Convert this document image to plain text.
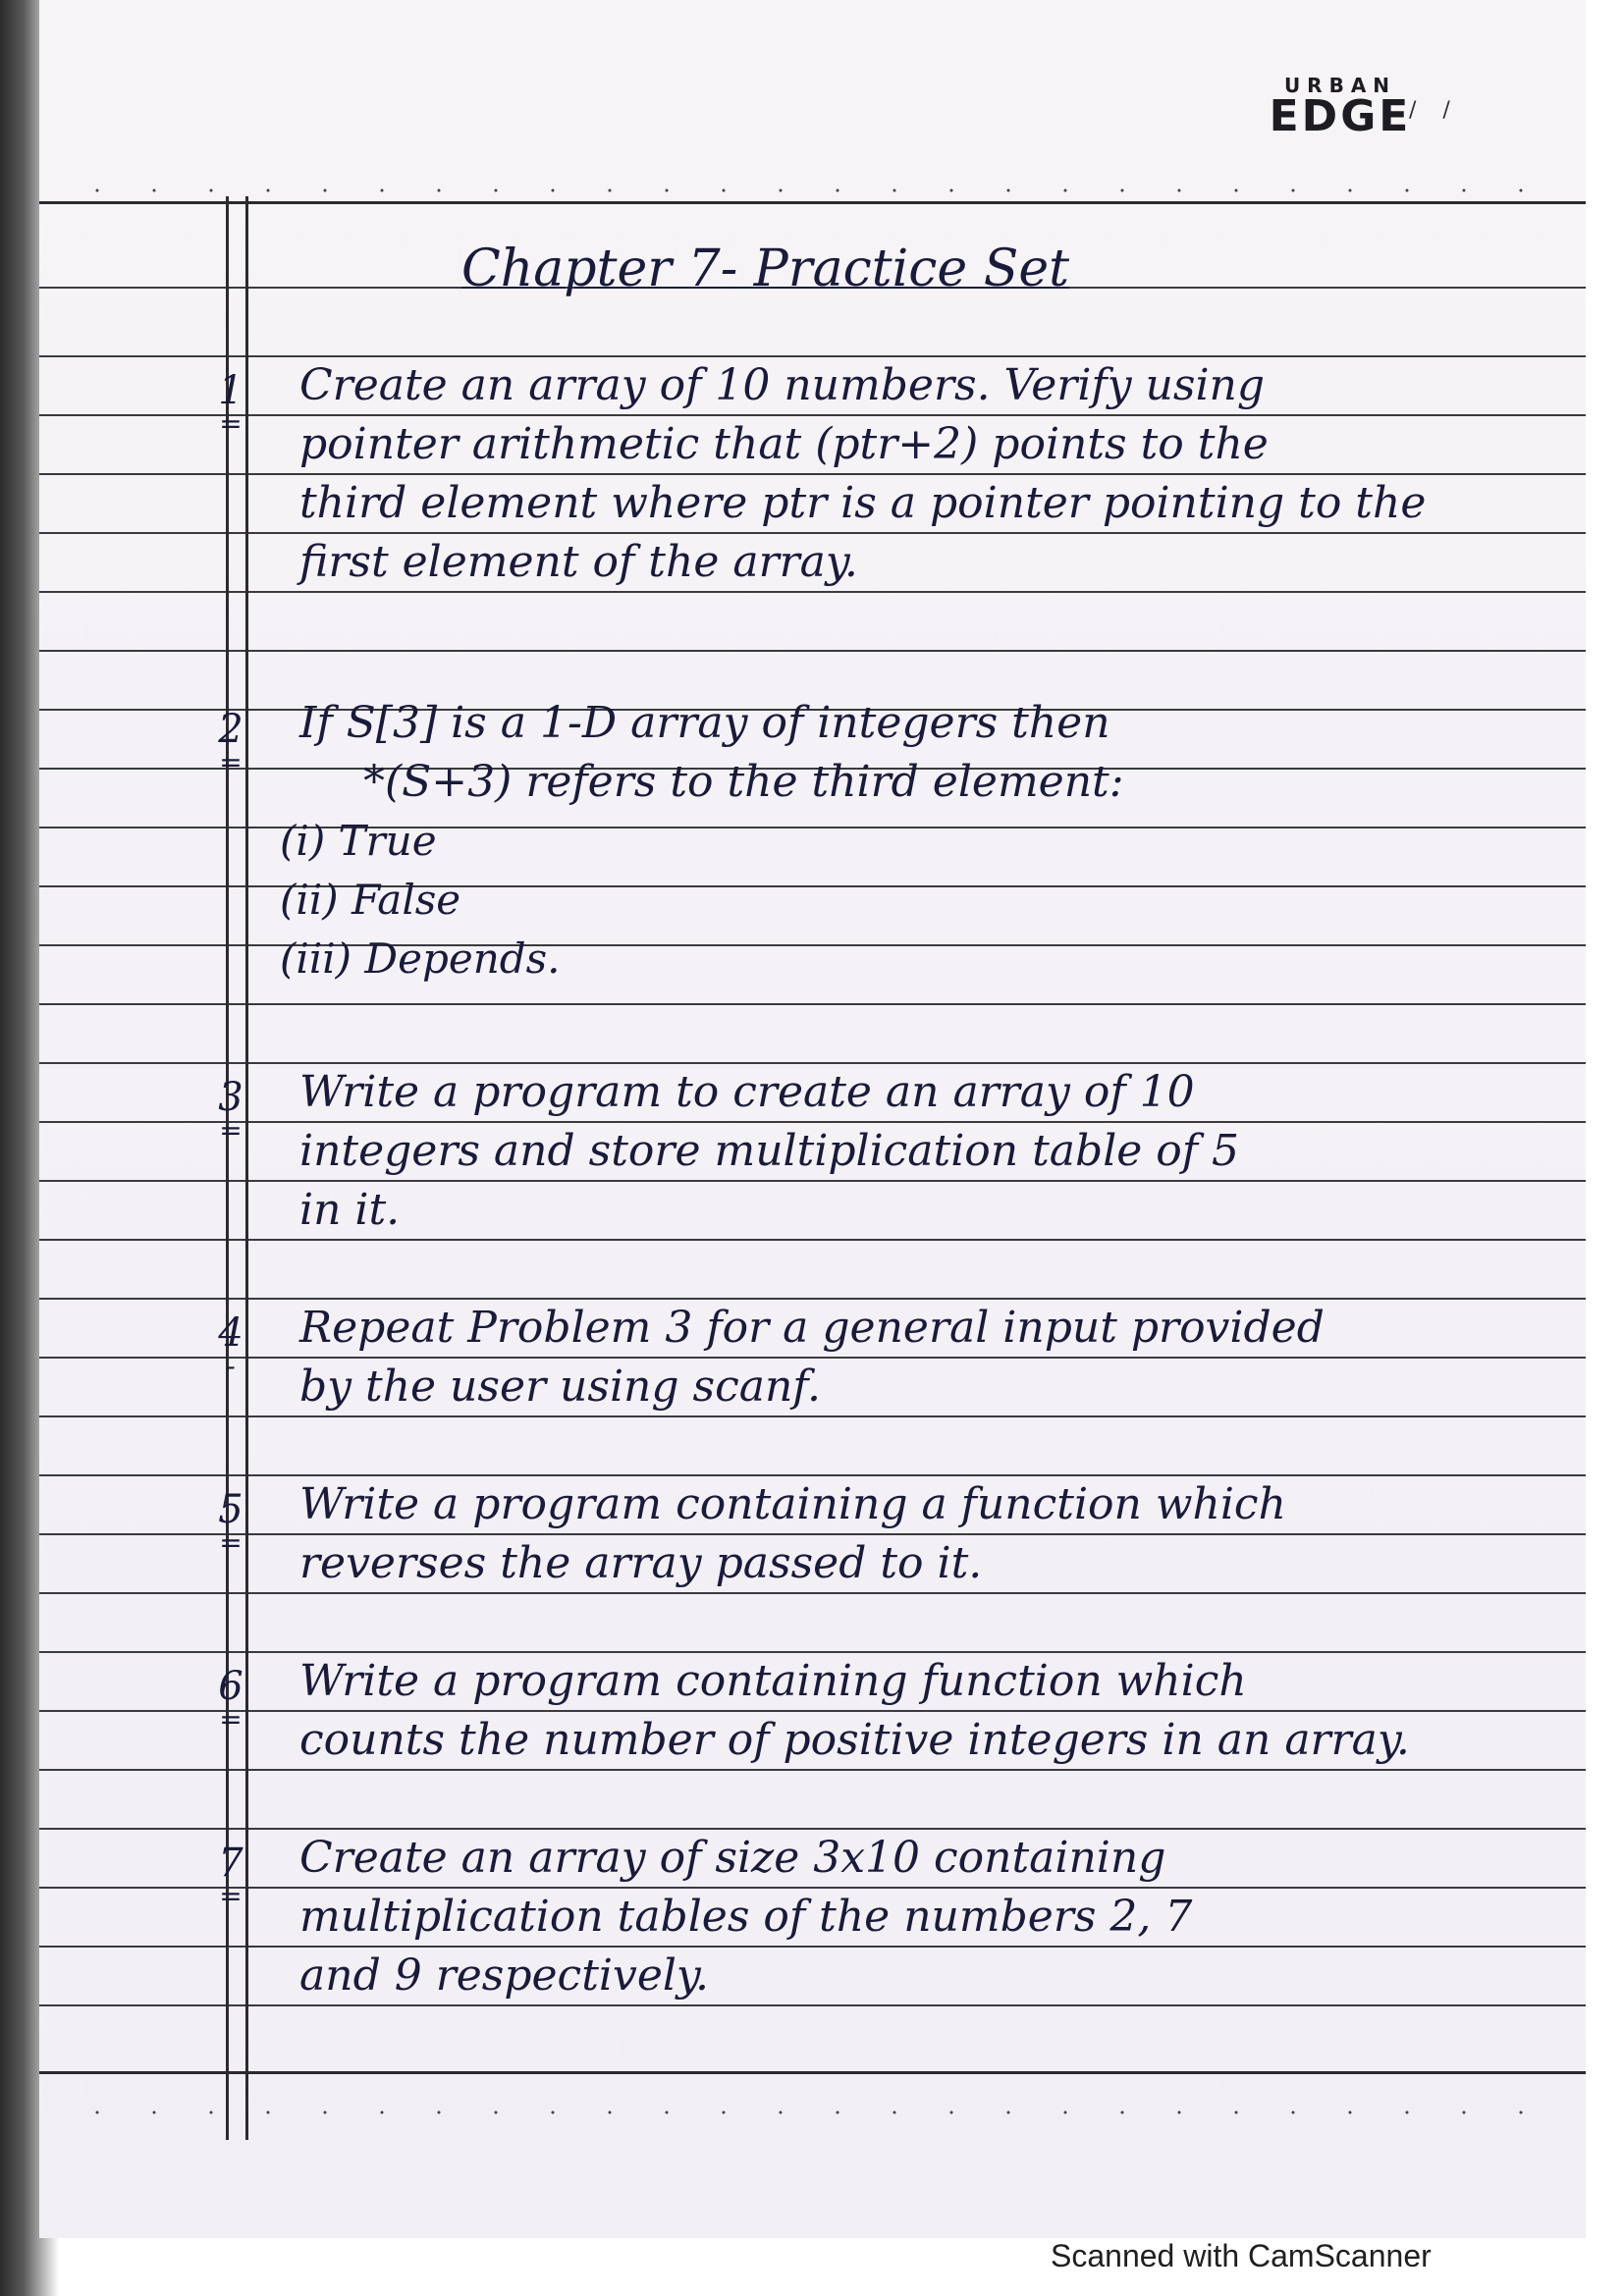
URBAN
EDGE
/ /
Chapter 7- Practice Set
1
=
Create an array of 10 numbers. Verify using
pointer arithmetic that (ptr+2) points to the
third element where ptr is a pointer pointing to the
first element of the array.
2
=
If S[3] is a 1-D array of integers then
*(S+3) refers to the third element:
(i) True
(ii) False
(iii) Depends.
3
=
Write a program to create an array of 10
integers and store multiplication table of 5
in it.
4
-
Repeat Problem 3 for a general input provided
by the user using scanf.
5
=
Write a program containing a function which
reverses the array passed to it.
6
=
Write a program containing function which
counts the number of positive integers in an array.
7
=
Create an array of size 3x10 containing
multiplication tables of the numbers 2, 7
and 9 respectively.
Scanned with CamScanner
